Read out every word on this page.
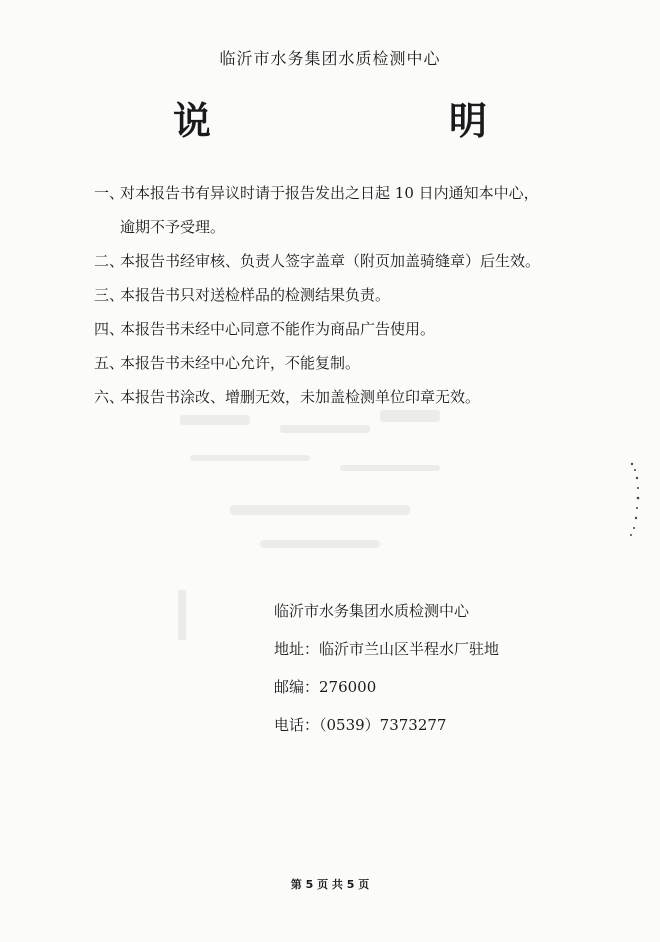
临沂市水务集团水质检测中心
说　明
一、
对本报告书有异议时请于报告发出之日起 10 日内通知本中心，
逾期不予受理。
二、
本报告书经审核、负责人签字盖章（附页加盖骑缝章）后生效。
三、
本报告书只对送检样品的检测结果负责。
四、
本报告书未经中心同意不能作为商品广告使用。
五、
本报告书未经中心允许，不能复制。
六、
本报告书涂改、增删无效，未加盖检测单位印章无效。
临沂市水务集团水质检测中心
地址：临沂市兰山区半程水厂驻地
邮编：276000
电话：（0539）7373277
第 5 页 共 5 页
